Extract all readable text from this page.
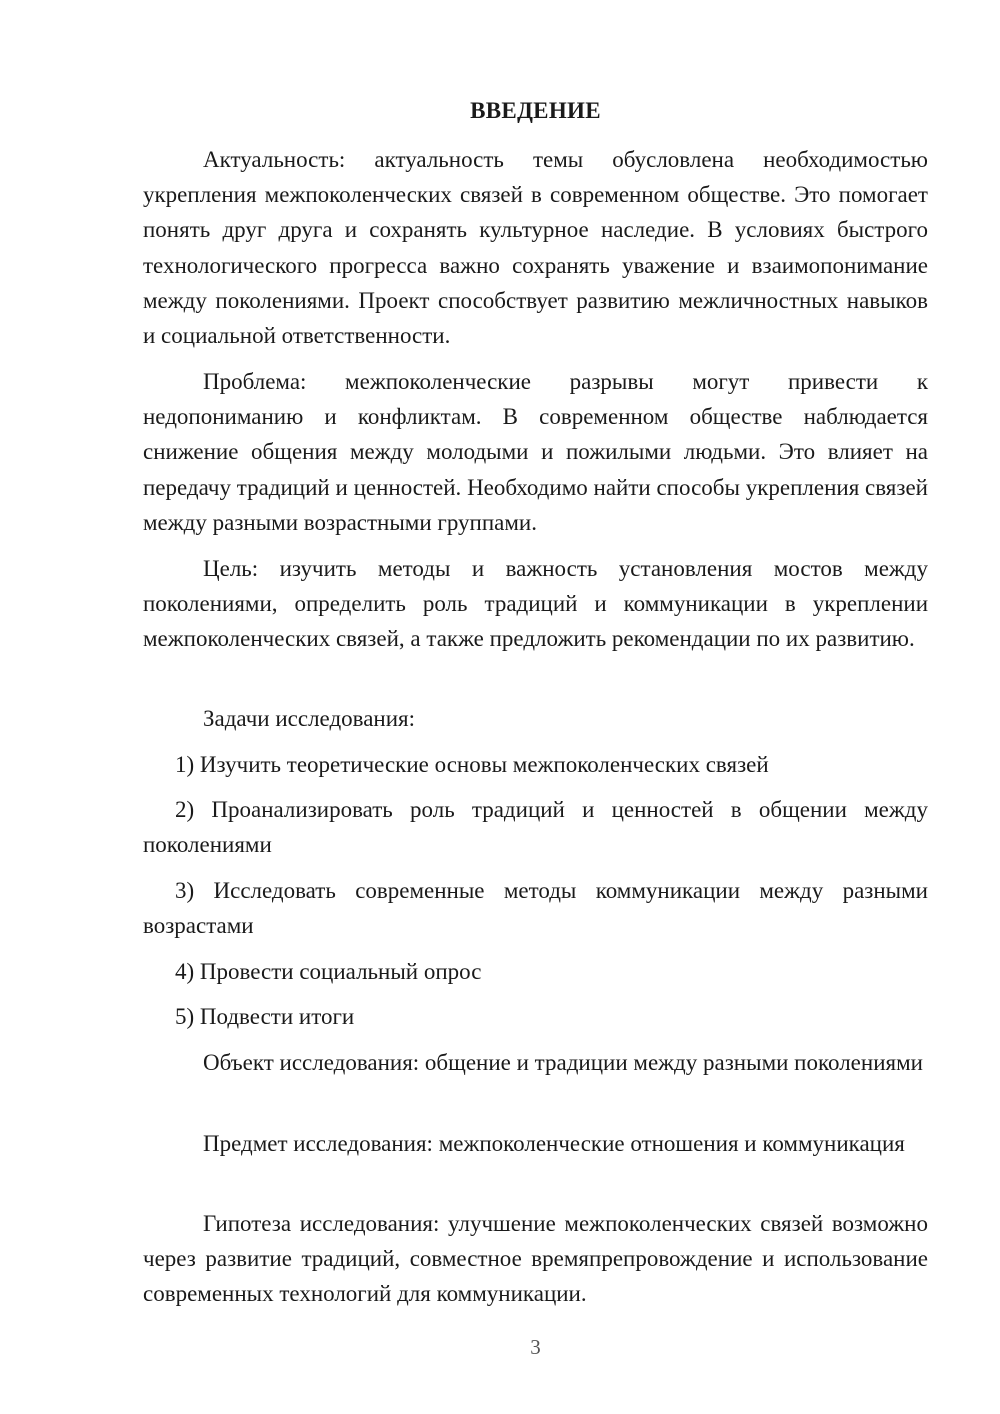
ВВЕДЕНИЕ

Актуальность: актуальность темы обусловлена необходимостью укрепления межпоколенческих связей в современном обществе. Это помогает понять друг друга и сохранять культурное наследие. В условиях быстрого технологического прогресса важно сохранять уважение и взаимопонимание между поколениями. Проект способствует развитию межличностных навыков и социальной ответственности.

Проблема: межпоколенческие разрывы могут привести к недопониманию и конфликтам. В современном обществе наблюдается снижение общения между молодыми и пожилыми людьми. Это влияет на передачу традиций и ценностей. Необходимо найти способы укрепления связей между разными возрастными группами.

Цель: изучить методы и важность установления мостов между поколениями, определить роль традиций и коммуникации в укреплении межпоколенческих связей, а также предложить рекомендации по их развитию.

Задачи исследования:

1) Изучить теоретические основы межпоколенческих связей

2) Проанализировать роль традиций и ценностей в общении между поколениями

3) Исследовать современные методы коммуникации между разными возрастами

4) Провести социальный опрос

5) Подвести итоги

Объект исследования: общение и традиции между разными поколениями

Предмет исследования: межпоколенческие отношения и коммуникация

Гипотеза исследования: улучшение межпоколенческих связей возможно через развитие традиций, совместное времяпрепровождение и использование современных технологий для коммуникации.

3
